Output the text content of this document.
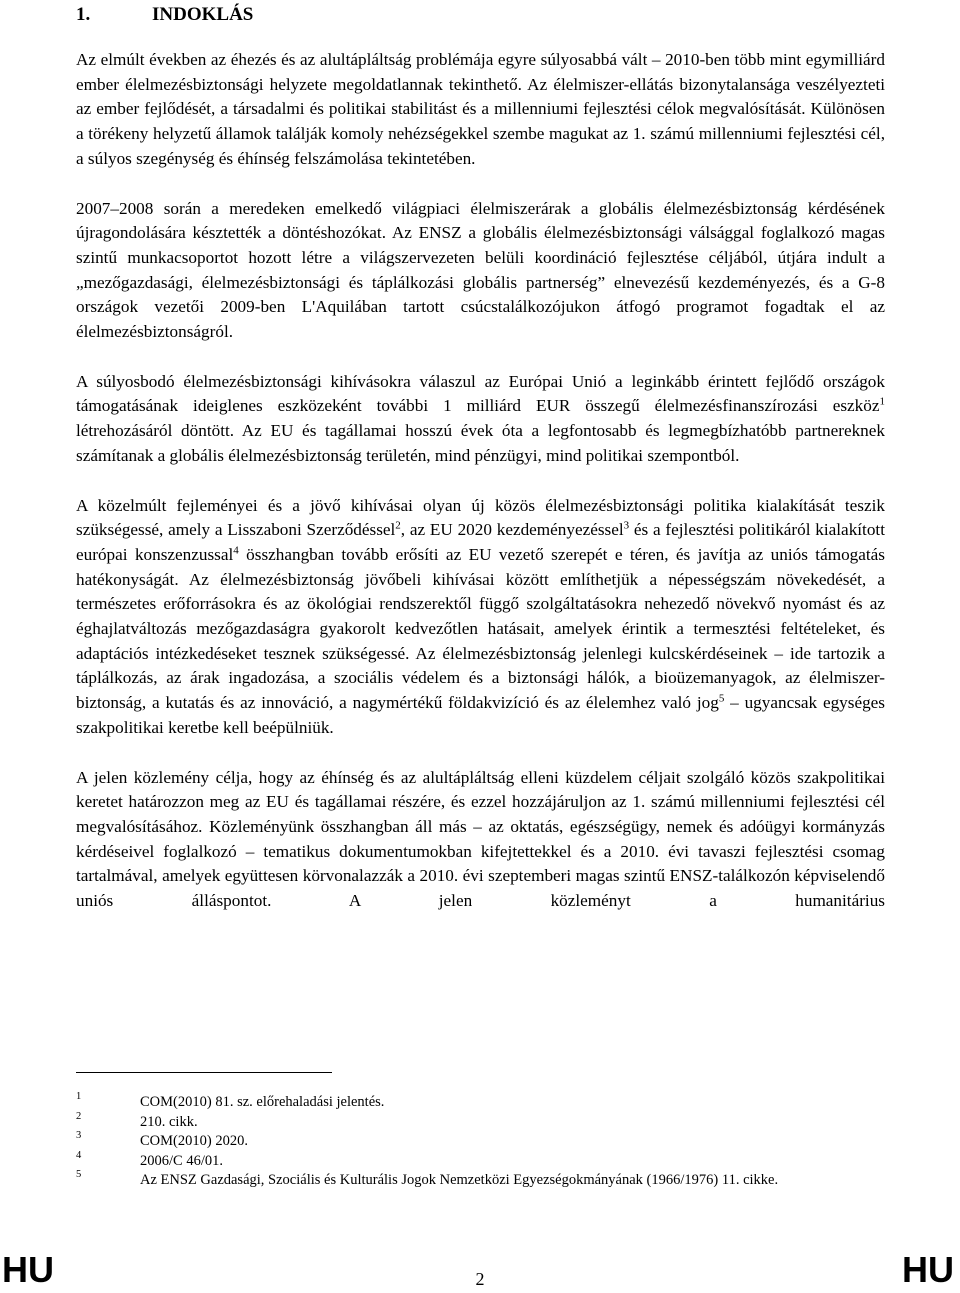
1.	INDOKLÁS

Az elmúlt években az éhezés és az alultápláltság problémája egyre súlyosabbá vált – 2010-ben több mint egymilliárd ember élelmezésbiztonsági helyzete megoldatlannak tekinthető. Az élelmiszer-ellátás bizonytalansága veszélyezteti az ember fejlődését, a társadalmi és politikai stabilitást és a millenniumi fejlesztési célok megvalósítását. Különösen a törékeny helyzetű államok találják komoly nehézségekkel szembe magukat az 1. számú millenniumi fejlesztési cél, a súlyos szegénység és éhínség felszámolása tekintetében.

2007–2008 során a meredeken emelkedő világpiaci élelmiszerárak a globális élelmezésbiztonság kérdésének újragondolására késztették a döntéshozókat. Az ENSZ a globális élelmezésbiztonsági válsággal foglalkozó magas szintű munkacsoportot hozott létre a világszervezeten belüli koordináció fejlesztése céljából, útjára indult a „mezőgazdasági, élelmezésbiztonsági és táplálkozási globális partnerség” elnevezésű kezdeményezés, és a G-8 országok vezetői 2009-ben L'Aquilában tartott csúcstalálkozójukon átfogó programot fogadtak el az élelmezésbiztonságról.

A súlyosbodó élelmezésbiztonsági kihívásokra válaszul az Európai Unió a leginkább érintett fejlődő országok támogatásának ideiglenes eszközeként további 1 milliárd EUR összegű élelmezésfinanszírozási eszköz$^1$ létrehozásáról döntött. Az EU és tagállamai hosszú évek óta a legfontosabb és legmegbízhatóbb partnereknek számítanak a globális élelmezésbiztonság területén, mind pénzügyi, mind politikai szempontból.

A közelmúlt fejleményei és a jövő kihívásai olyan új közös élelmezésbiztonsági politika kialakítását teszik szükségessé, amely a Lisszaboni Szerződéssel$^2$, az EU 2020 kezdeményezéssel$^3$ és a fejlesztési politikáról kialakított európai konszenzussal$^4$ összhangban tovább erősíti az EU vezető szerepét e téren, és javítja az uniós támogatás hatékonyságát. Az élelmezésbiztonság jövőbeli kihívásai között említhetjük a népességszám növekedését, a természetes erőforrásokra és az ökológiai rendszerektől függő szolgáltatásokra nehezedő növekvő nyomást és az éghajlatváltozás mezőgazdaságra gyakorolt kedvezőtlen hatásait, amelyek érintik a termesztési feltételeket, és adaptációs intézkedéseket tesznek szükségessé. Az élelmezésbiztonság jelenlegi kulcskérdéseinek – ide tartozik a táplálkozás, az árak ingadozása, a szociális védelem és a biztonsági hálók, a bioüzemanyagok, az élelmiszer-biztonság, a kutatás és az innováció, a nagymértékű földakvizíció és az élelemhez való jog$^5$ – ugyancsak egységes szakpolitikai keretbe kell beépülniük.

A jelen közlemény célja, hogy az éhínség és az alultápláltság elleni küzdelem céljait szolgáló közös szakpolitikai keretet határozzon meg az EU és tagállamai részére, és ezzel hozzájáruljon az 1. számú millenniumi fejlesztési cél megvalósításához. Közleményünk összhangban áll más – az oktatás, egészségügy, nemek és adóügyi kormányzás kérdéseivel foglalkozó – tematikus dokumentumokban kifejtettekkel és a 2010. évi tavaszi fejlesztési csomag tartalmával, amelyek együttesen körvonalazzák a 2010. évi szeptemberi magas szintű ENSZ-találkozón képviselendő uniós álláspontot. A jelen közleményt a humanitárius

1	COM(2010) 81. sz. előrehaladási jelentés.
2	210. cikk.
3	COM(2010) 2020.
4	2006/C 46/01.
5	Az ENSZ Gazdasági, Szociális és Kulturális Jogok Nemzetközi Egyezségokmányának (1966/1976) 11. cikke.
HU	2	HU
